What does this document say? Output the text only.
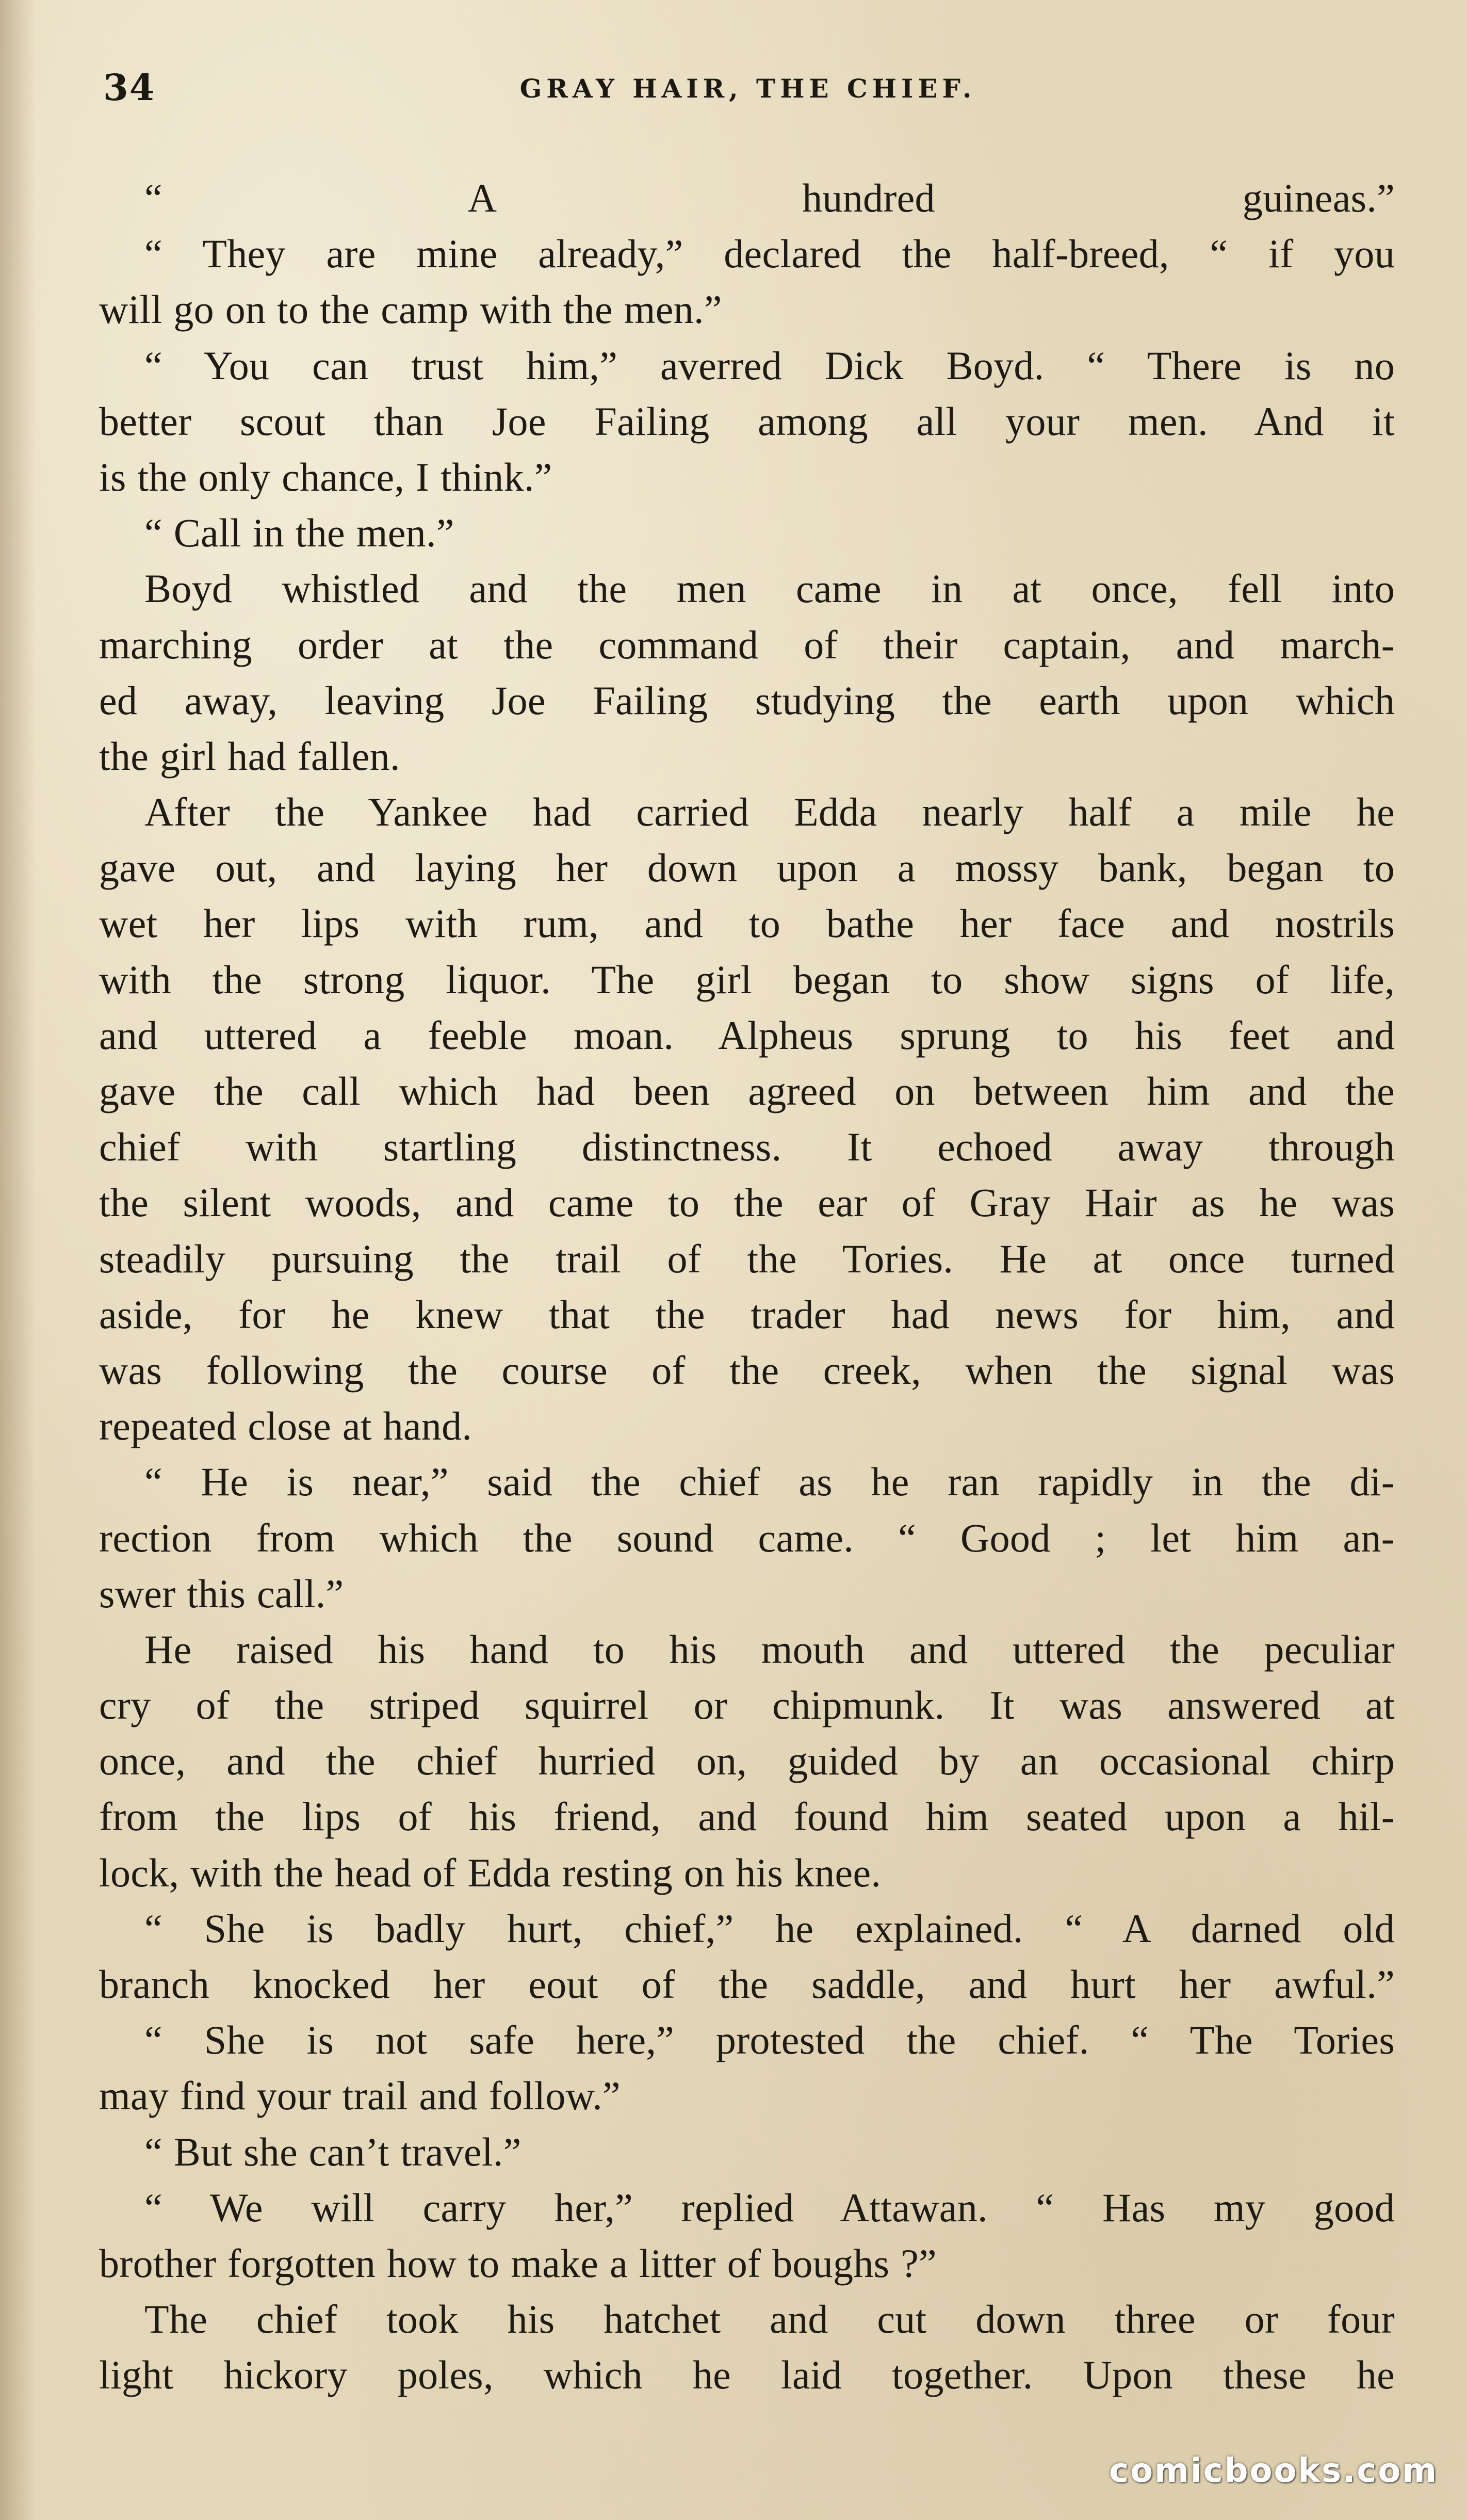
34	GRAY HAIR, THE CHIEF.
“ A hundred guineas.”
“ They are mine already,” declared the half-breed, “ if you
will go on to the camp with the men.”
“ You can trust him,” averred Dick Boyd. “ There is no
better scout than Joe Failing among all your men. And it
is the only chance, I think.”
“ Call in the men.”
Boyd whistled and the men came in at once, fell into
marching order at the command of their captain, and march-
ed away, leaving Joe Failing studying the earth upon which
the girl had fallen.
After the Yankee had carried Edda nearly half a mile he
gave out, and laying her down upon a mossy bank, began to
wet her lips with rum, and to bathe her face and nostrils
with the strong liquor. The girl began to show signs of life,
and uttered a feeble moan. Alpheus sprung to his feet and
gave the call which had been agreed on between him and the
chief with startling distinctness. It echoed away through
the silent woods, and came to the ear of Gray Hair as he was
steadily pursuing the trail of the Tories. He at once turned
aside, for he knew that the trader had news for him, and
was following the course of the creek, when the signal was
repeated close at hand.
“ He is near,” said the chief as he ran rapidly in the di-
rection from which the sound came. “ Good ; let him an-
swer this call.”
He raised his hand to his mouth and uttered the peculiar
cry of the striped squirrel or chipmunk. It was answered at
once, and the chief hurried on, guided by an occasional chirp
from the lips of his friend, and found him seated upon a hil-
lock, with the head of Edda resting on his knee.
“ She is badly hurt, chief,” he explained. “ A darned old
branch knocked her eout of the saddle, and hurt her awful.”
“ She is not safe here,” protested the chief. “ The Tories
may find your trail and follow.”
“ But she can’t travel.”
“ We will carry her,” replied Attawan. “ Has my good
brother forgotten how to make a litter of boughs ?”
The chief took his hatchet and cut down three or four
light hickory poles, which he laid together. Upon these he
comicbooks.com
